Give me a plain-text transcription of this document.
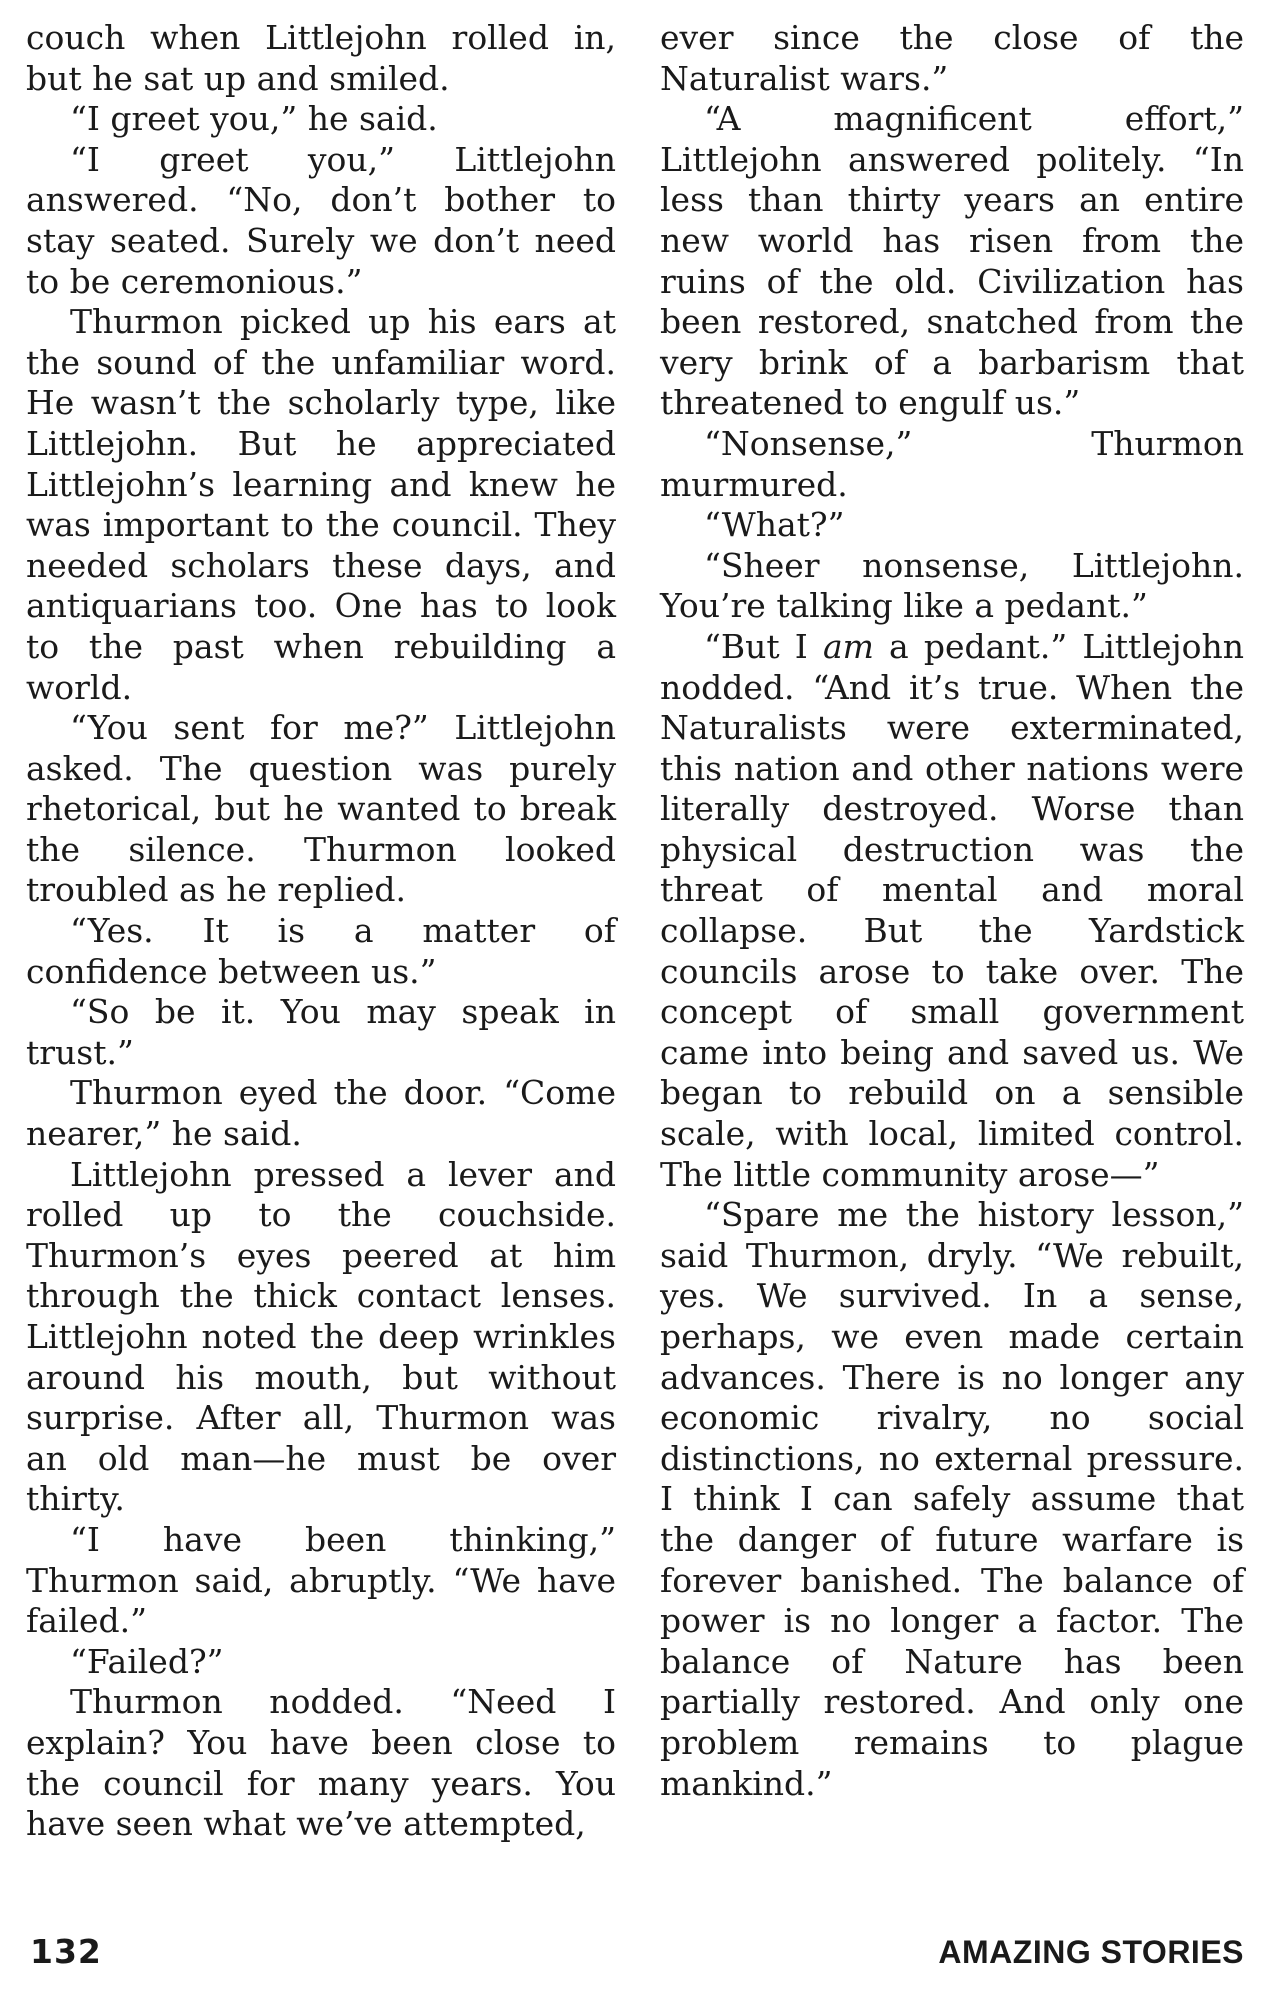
couch when Littlejohn rolled in, but he sat up and smiled.

“I greet you,” he said.

“I greet you,” Littlejohn answered. “No, don’t bother to stay seated. Surely we don’t need to be ceremonious.”

Thurmon picked up his ears at the sound of the unfamiliar word. He wasn’t the scholarly type, like Littlejohn. But he appreciated Littlejohn’s learning and knew he was important to the council. They needed scholars these days, and antiquarians too. One has to look to the past when rebuilding a world.

“You sent for me?” Littlejohn asked. The question was purely rhetorical, but he wanted to break the silence. Thurmon looked troubled as he replied.

“Yes. It is a matter of confidence between us.”

“So be it. You may speak in trust.”

Thurmon eyed the door. “Come nearer,” he said.

Littlejohn pressed a lever and rolled up to the couchside. Thurmon’s eyes peered at him through the thick contact lenses. Littlejohn noted the deep wrinkles around his mouth, but without surprise. After all, Thurmon was an old man—he must be over thirty.

“I have been thinking,” Thurmon said, abruptly. “We have failed.”

“Failed?”

Thurmon nodded. “Need I explain? You have been close to the council for many years. You have seen what we’ve attempted,

ever since the close of the Naturalist wars.”

“A magnificent effort,” Littlejohn answered politely. “In less than thirty years an entire new world has risen from the ruins of the old. Civilization has been restored, snatched from the very brink of a barbarism that threatened to engulf us.”

“Nonsense,” Thurmon murmured.

“What?”

“Sheer nonsense, Littlejohn. You’re talking like a pedant.”

“But I am a pedant.” Littlejohn nodded. “And it’s true. When the Naturalists were exterminated, this nation and other nations were literally destroyed. Worse than physical destruction was the threat of mental and moral collapse. But the Yardstick councils arose to take over. The concept of small government came into being and saved us. We began to rebuild on a sensible scale, with local, limited control. The little community arose—”

“Spare me the history lesson,” said Thurmon, dryly. “We rebuilt, yes. We survived. In a sense, perhaps, we even made certain advances. There is no longer any economic rivalry, no social distinctions, no external pressure. I think I can safely assume that the danger of future warfare is forever banished. The balance of power is no longer a factor. The balance of Nature has been partially restored. And only one problem remains to plague mankind.”

132	AMAZING STORIES
